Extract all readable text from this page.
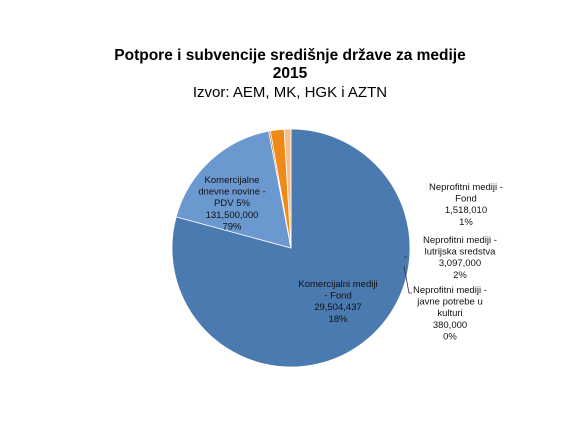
Potpore i subvencije središnje države za medije
2015
Izvor: AEM, MK, HGK i AZTN
Komercijalne dnevne novine -PDV 5% 131,500,000 79%
Komercijalni mediji - Fond 29,504,437 18%
Neprofitni mediji -javne potrebe u kulturi 380,000 0%
Neprofitni mediji -lutrijska sredstva 3,097,000 2%
Neprofitni mediji -Fond 1,518,010 1%
